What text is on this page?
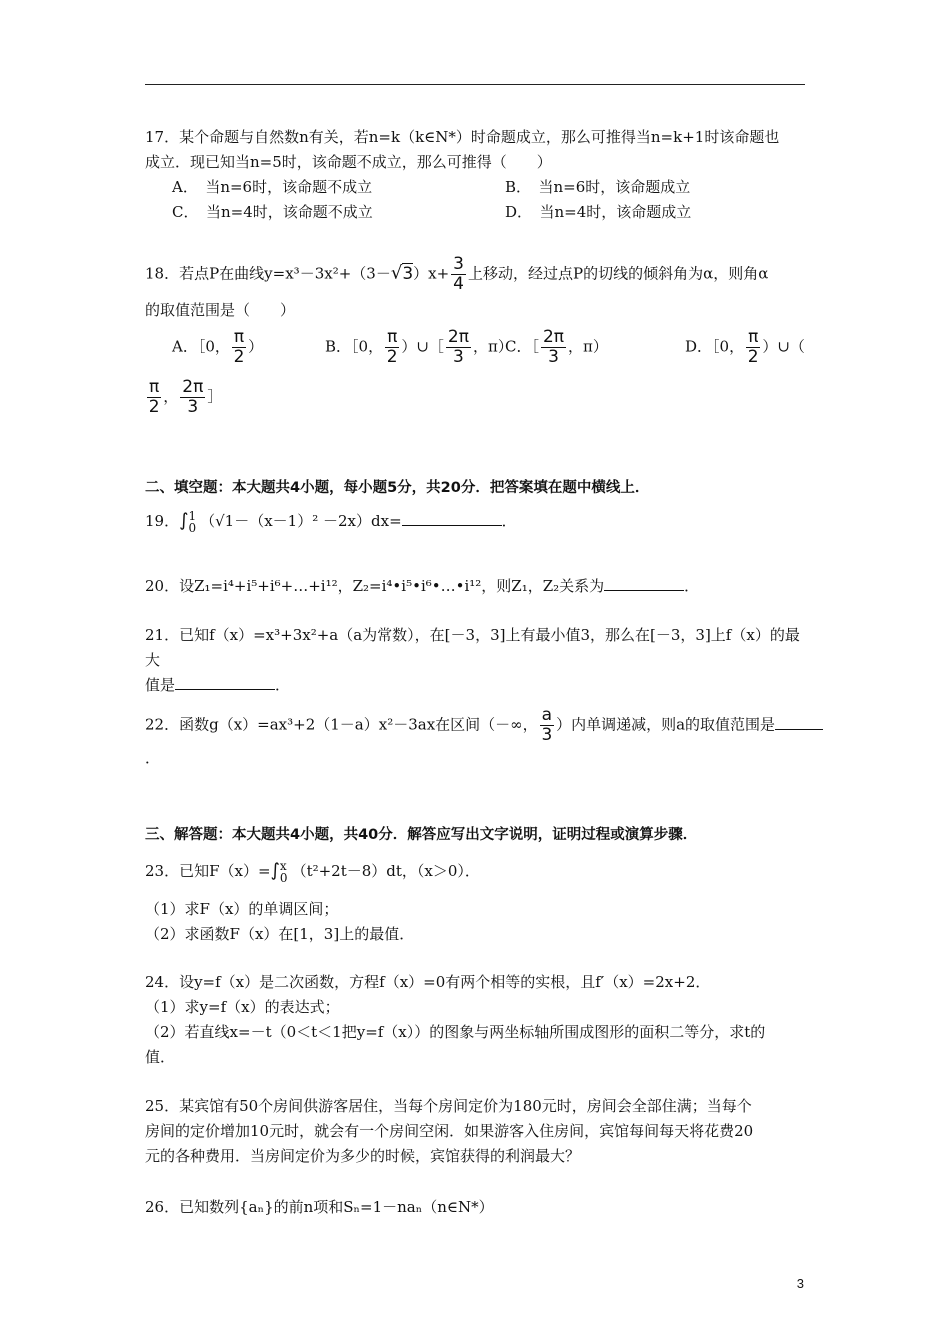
17．某个命题与自然数n有关，若n=k（k∈N*）时命题成立，那么可推得当n=k+1时该命题也
成立．现已知当n=5时，该命题不成立，那么可推得（　　）
A．　当n=6时，该命题不成立	B．　当n=6时，该命题成立
C．　当n=4时，该命题不成立	D．　当n=4时，该命题成立
18．若点P在曲线$y=x^3-3x^2+(3-√3)x+ \frac{3}{4}$ 上移动，经过点P的切线的倾斜角为α，则角α
的取值范围是（　　）
A．［0， $\frac{\pi}{2}$ ）	B．［0， $\frac{\pi}{2}$ ）∪［ $\frac{2\pi}{3}$ ，π）
C．［ $\frac{2\pi}{3}$ ，π）	D．［0， $\frac{\pi}{2}$ ）∪（
$\frac{\pi}{2}$ ， $\frac{2\pi}{3}$ ］
二、填空题：本大题共4小题，每小题5分，共20分．把答案填在题中横线上．
19．∫ 1
0 （√1－（x－1）² －2x）dx=	．
20．设Z₁=i⁴+i⁵+i⁶+…+i¹²，Z₂=i⁴•i⁵•i⁶•…•i¹²，则Z₁，Z₂关系为	．
21．已知f（x）=x³+3x²+a（a为常数），在[－3，3]上有最小值3，那么在[－3，3]上f（x）的最大
值是	．
22．函数g（x）=ax³+2（1－a）x²－3ax在区间（－∞， $\frac{a}{3}$ ）内单调递减，则a的取值范围是
．
三、解答题：本大题共4小题，共40分．解答应写出文字说明，证明过程或演算步骤．
23．已知F（x）=∫ x
0 （t²+2t－8）dt，（x＞0）．
（1）求F（x）的单调区间；
（2）求函数F（x）在[1，3]上的最值．
24．设y=f（x）是二次函数，方程f（x）=0有两个相等的实根，且f′（x）=2x+2．
（1）求y=f（x）的表达式；
（2）若直线x=－t（0＜t＜1把y=f（x））的图象与两坐标轴所围成图形的面积二等分，求t的
值．
25．某宾馆有50个房间供游客居住，当每个房间定价为180元时，房间会全部住满；当每个
房间的定价增加10元时，就会有一个房间空闲．如果游客入住房间，宾馆每间每天将花费20
元的各种费用．当房间定价为多少的时候，宾馆获得的利润最大？
26．已知数列{aₙ}的前n项和Sₙ=1－naₙ（n∈N*）
3
